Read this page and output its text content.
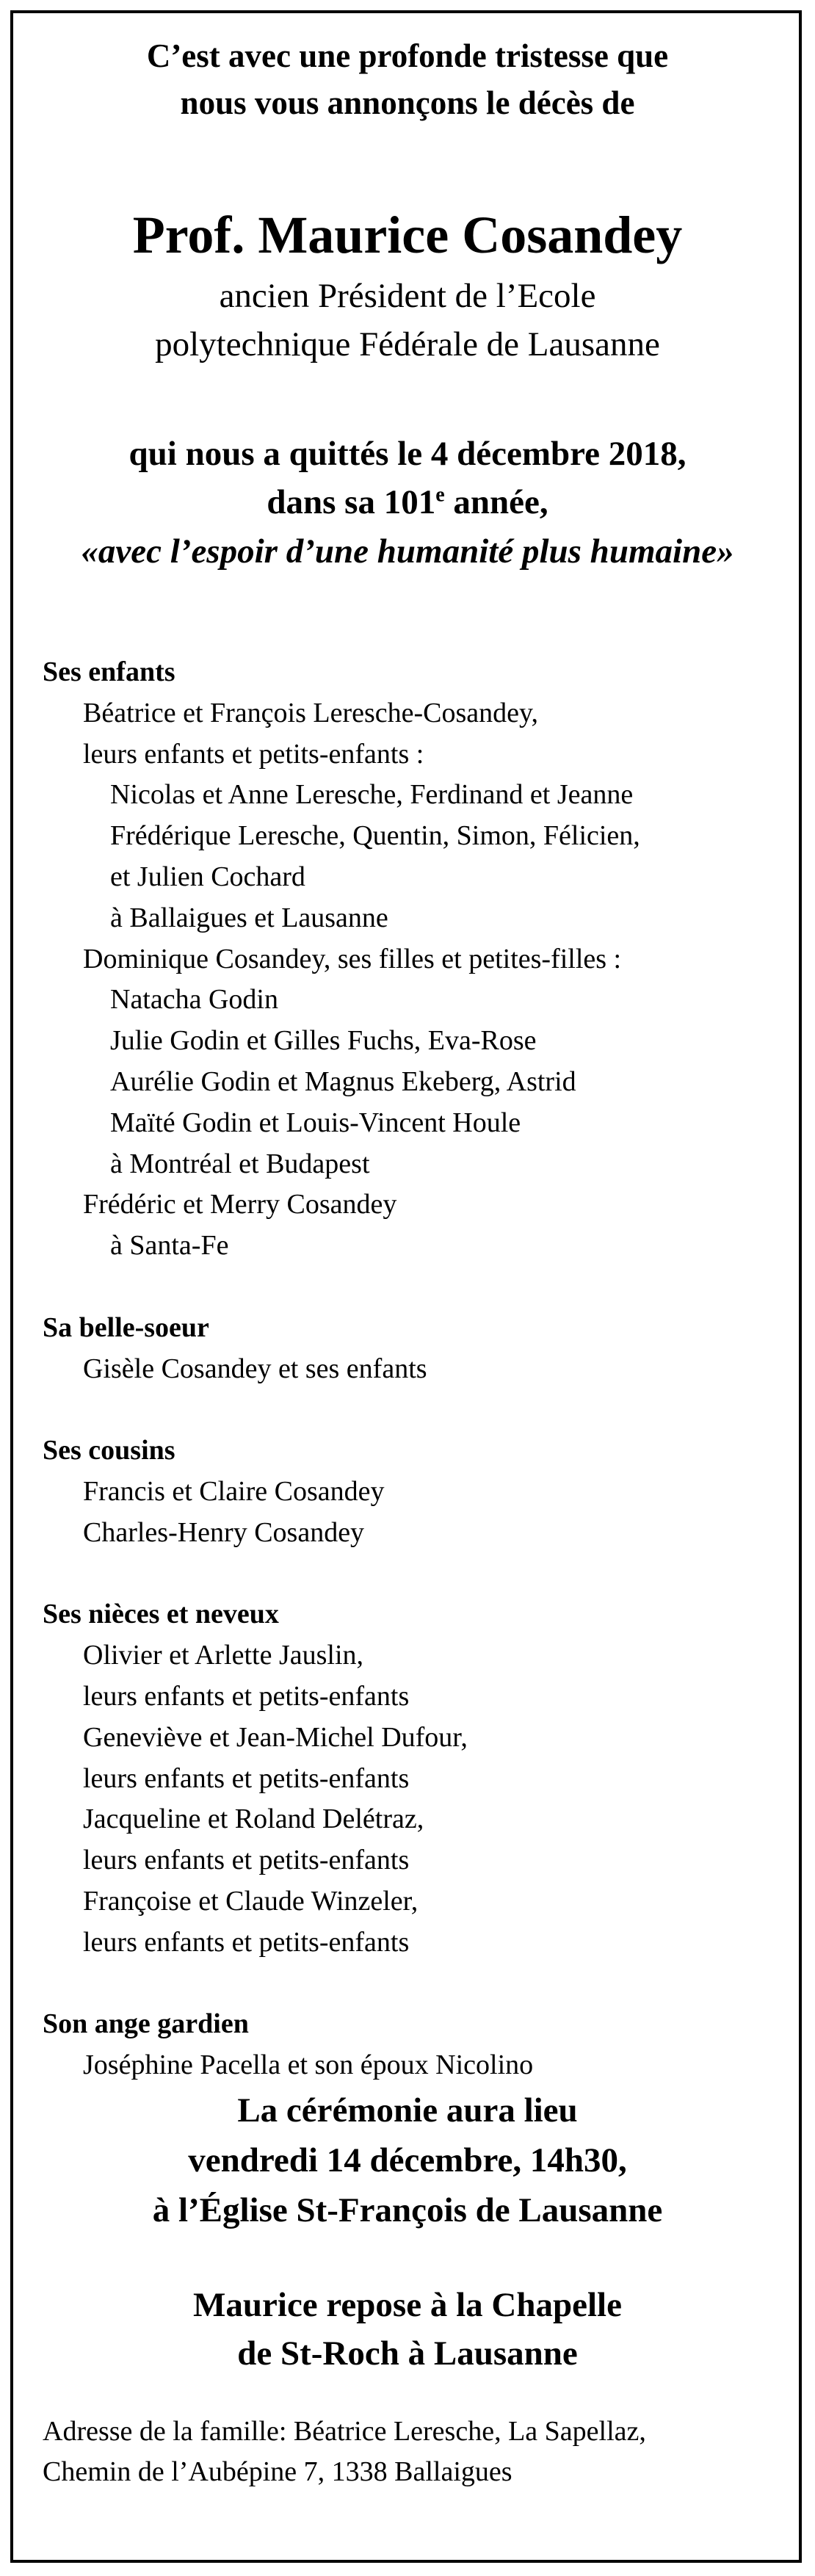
C’est avec une profonde tristesse que
nous vous annonçons le décès de
Prof. Maurice Cosandey
ancien Président de l’Ecole
polytechnique Fédérale de Lausanne
qui nous a quittés le 4 décembre 2018,
dans sa 101e année,
«avec l’espoir d’une humanité plus humaine»
Ses enfants
Béatrice et François Leresche-Cosandey,
leurs enfants et petits-enfants :
Nicolas et Anne Leresche, Ferdinand et Jeanne
Frédérique Leresche, Quentin, Simon, Félicien,
et Julien Cochard
à Ballaigues et Lausanne
Dominique Cosandey, ses filles et petites-filles :
Natacha Godin
Julie Godin et Gilles Fuchs, Eva-Rose
Aurélie Godin et Magnus Ekeberg, Astrid
Maïté Godin et Louis-Vincent Houle
à Montréal et Budapest
Frédéric et Merry Cosandey
à Santa-Fe
Sa belle-soeur
Gisèle Cosandey et ses enfants
Ses cousins
Francis et Claire Cosandey
Charles-Henry Cosandey
Ses nièces et neveux
Olivier et Arlette Jauslin,
leurs enfants et petits-enfants
Geneviève et Jean-Michel Dufour,
leurs enfants et petits-enfants
Jacqueline et Roland Delétraz,
leurs enfants et petits-enfants
Françoise et Claude Winzeler,
leurs enfants et petits-enfants
Son ange gardien
Joséphine Pacella et son époux Nicolino
La cérémonie aura lieu
vendredi 14 décembre, 14h30,
à l’Église St-François de Lausanne
Maurice repose à la Chapelle
de St-Roch à Lausanne
Adresse de la famille: Béatrice Leresche, La Sapellaz,
Chemin de l’Aubépine 7, 1338 Ballaigues
